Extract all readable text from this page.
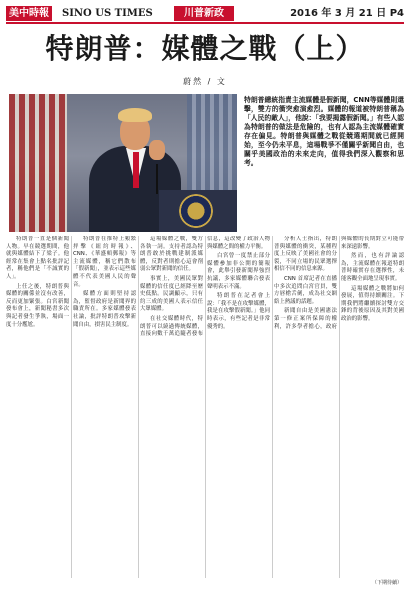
美中時報	SINO US TIMES	川普新政	2016 年 3 月 21 日 P4
特朗普：媒體之戰（上）
蔚然 / 文
特朗普總統指責主流媒體是假新聞，CNN等媒體則還擊，雙方的衝突愈演愈烈。媒體的報道被特朗普稱為「人民的敵人」，他說：「我要揭露假新聞。」有些人認為特朗普的做法是危險的，也有人認為主流媒體確實存在偏見。特朗普與媒體之戰從競選期間就已經開始，至今仍未平息，這場戰爭不僅關乎新聞自由，也關乎美國政治的未來走向，值得我們深入觀察和思考。

特朗普一直是個新聞人物。早在競選期間，他就與媒體結下了梁子。他經常在集會上點名批評記者，稱他們是「不誠實的人」。

上任之後，特朗普與媒體的關係並沒有改善，反而更加緊張。白宮新聞發布會上，新聞秘書多次與記者發生爭執，場面一度十分尷尬。

特朗普在推特上頻繁抨擊《紐約時報》、CNN、《華盛頓郵報》等主流媒體，稱它們散布「假新聞」，並表示這些媒體不代表美國人民的聲音。

媒體方面則堅持認為，監督政府是新聞界的職責所在。多家媒體發表社論，批評特朗普攻擊新聞自由，損害民主制度。

這場媒體之戰，雙方各執一詞。支持者認為特朗普敢於挑戰建制派媒體，反對者則擔心這會削弱公眾對新聞的信任。

事實上，美國民眾對媒體的信任度已經降至歷史低點。民調顯示，只有約三成的美國人表示信任大眾媒體。

在社交媒體時代，特朗普可以繞過傳統媒體，直接向數千萬追隨者發布信息，這改變了政治人物與媒體之間的權力平衡。

白宮曾一度禁止部分媒體參加非公開的簡報會，此舉引發新聞界強烈抗議，多家媒體聯合發表聲明表示不滿。

特朗普在記者會上說：「我不是在攻擊媒體，我是在攻擊假新聞。」他同時表示，有些記者是非常優秀的。

分析人士指出，特朗普與媒體的衝突，某種程度上反映了美國社會的分裂，不同立場的民眾選擇相信不同的信息來源。

CNN 首席記者在直播中多次追問白宮官員，雙方唇槍舌劍，成為社交網絡上熱議的話題。

新聞自由是美國憲法第一修正案所保障的權利，許多學者擔心，政府與媒體的長期對立可能帶來深遠影響。

然而，也有評論認為，主流媒體在報道特朗普時確實存在選擇性，未能客觀全面地呈現事實。

這場媒體之戰將如何發展，值得持續關注。下期我們將繼續探討雙方交鋒的背後原因及其對美國政治的影響。

（下期待續）
